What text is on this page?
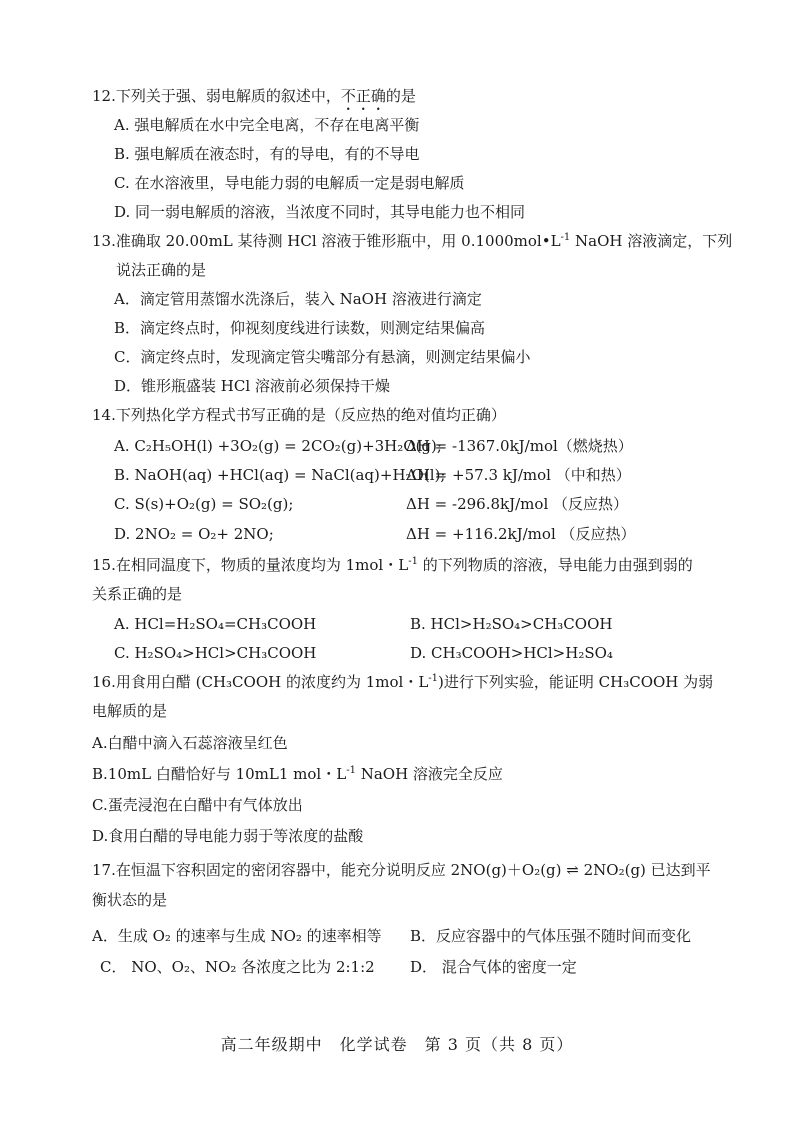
12.下列关于强、弱电解质的叙述中，不正确的是
A. 强电解质在水中完全电离，不存在电离平衡
B. 强电解质在液态时，有的导电，有的不导电
C. 在水溶液里，导电能力弱的电解质一定是弱电解质
D. 同一弱电解质的溶液，当浓度不同时，其导电能力也不相同
13.准确取 20.00mL 某待测 HCl 溶液于锥形瓶中，用 $0.1000mol•L^{-1}$ NaOH 溶液滴定，下列
说法正确的是
A．滴定管用蒸馏水洗涤后，装入 NaOH 溶液进行滴定
B．滴定终点时，仰视刻度线进行读数，则测定结果偏高
C．滴定终点时，发现滴定管尖嘴部分有悬滴，则测定结果偏小
D．锥形瓶盛装 HCl 溶液前必须保持干燥
14.下列热化学方程式书写正确的是（反应热的绝对值均正确）
A. C₂H₅OH(l) +3O₂(g) = 2CO₂(g)+3H₂O(g);
ΔH = -1367.0kJ/mol（燃烧热）
B. NaOH(aq) +HCl(aq) = NaCl(aq)+H₂O(l);
ΔH = +57.3 kJ/mol （中和热）
C. S(s)+O₂(g) = SO₂(g);	ΔH = -296.8kJ/mol （反应热）
D. 2NO₂ = O₂+ 2NO;	ΔH = +116.2kJ/mol （反应热）
15.在相同温度下，物质的量浓度均为 1mol・$L^{-1}$ 的下列物质的溶液，导电能力由强到弱的
关系正确的是
A. HCl=H₂SO₄=CH₃COOH	B. HCl>H₂SO₄>CH₃COOH
C. H₂SO₄>HCl>CH₃COOH	D. CH₃COOH>HCl>H₂SO₄
16.用食用白醋 (CH₃COOH 的浓度约为 1mol・$L^{-1}$)进行下列实验，能证明 CH₃COOH 为弱
电解质的是
A.白醋中滴入石蕊溶液呈红色
B.10mL 白醋恰好与 10mL1 mol・$L^{-1}$ NaOH 溶液完全反应
C.蛋壳浸泡在白醋中有气体放出
D.食用白醋的导电能力弱于等浓度的盐酸
17.在恒温下容积固定的密闭容器中，能充分说明反应 2NO(g)＋O₂(g) ⇌ 2NO₂(g) 已达到平
衡状态的是
A．生成 O₂ 的速率与生成 NO₂ 的速率相等 B．反应容器中的气体压强不随时间而变化
C． NO、O₂、NO₂ 各浓度之比为 2:1:2 D． 混合气体的密度一定
高二年级期中　化学试卷　第 3 页（共 8 页）
